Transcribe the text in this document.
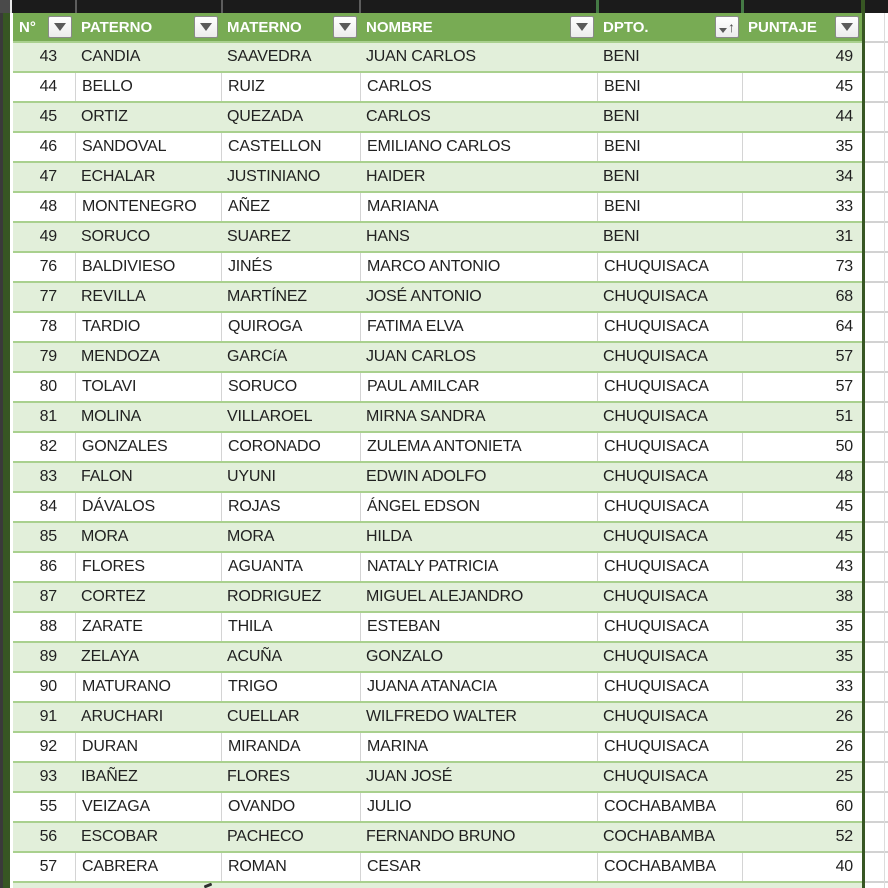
N°	PATERNO	MATERNO	NOMBRE	DPTO.	↑ PUNTAJE
43	CANDIA	SAAVEDRA	JUAN CARLOS	BENI	49
44	BELLO	RUIZ	CARLOS	BENI	45
45	ORTIZ	QUEZADA	CARLOS	BENI	44
46	SANDOVAL	CASTELLON	EMILIANO CARLOS	BENI	35
47	ECHALAR	JUSTINIANO	HAIDER	BENI	34
48	MONTENEGRO	AÑEZ	MARIANA	BENI	33
49	SORUCO	SUAREZ	HANS	BENI	31
76	BALDIVIESO	JINÉS	MARCO ANTONIO	CHUQUISACA	73
77	REVILLA	MARTÍNEZ	JOSÉ ANTONIO	CHUQUISACA	68
78	TARDIO	QUIROGA	FATIMA ELVA	CHUQUISACA	64
79	MENDOZA	GARCíA	JUAN CARLOS	CHUQUISACA	57
80	TOLAVI	SORUCO	PAUL AMILCAR	CHUQUISACA	57
81	MOLINA	VILLAROEL	MIRNA SANDRA	CHUQUISACA	51
82	GONZALES	CORONADO	ZULEMA ANTONIETA	CHUQUISACA	50
83	FALON	UYUNI	EDWIN ADOLFO	CHUQUISACA	48
84	DÁVALOS	ROJAS	ÁNGEL EDSON	CHUQUISACA	45
85	MORA	MORA	HILDA	CHUQUISACA	45
86	FLORES	AGUANTA	NATALY PATRICIA	CHUQUISACA	43
87	CORTEZ	RODRIGUEZ	MIGUEL ALEJANDRO	CHUQUISACA	38
88	ZARATE	THILA	ESTEBAN	CHUQUISACA	35
89	ZELAYA	ACUÑA	GONZALO	CHUQUISACA	35
90	MATURANO	TRIGO	JUANA ATANACIA	CHUQUISACA	33
91	ARUCHARI	CUELLAR	WILFREDO WALTER	CHUQUISACA	26
92	DURAN	MIRANDA	MARINA	CHUQUISACA	26
93	IBAÑEZ	FLORES	JUAN JOSÉ	CHUQUISACA	25
55	VEIZAGA	OVANDO	JULIO	COCHABAMBA	60
56	ESCOBAR	PACHECO	FERNANDO BRUNO	COCHABAMBA	52
57	CABRERA	ROMAN	CESAR	COCHABAMBA	40
